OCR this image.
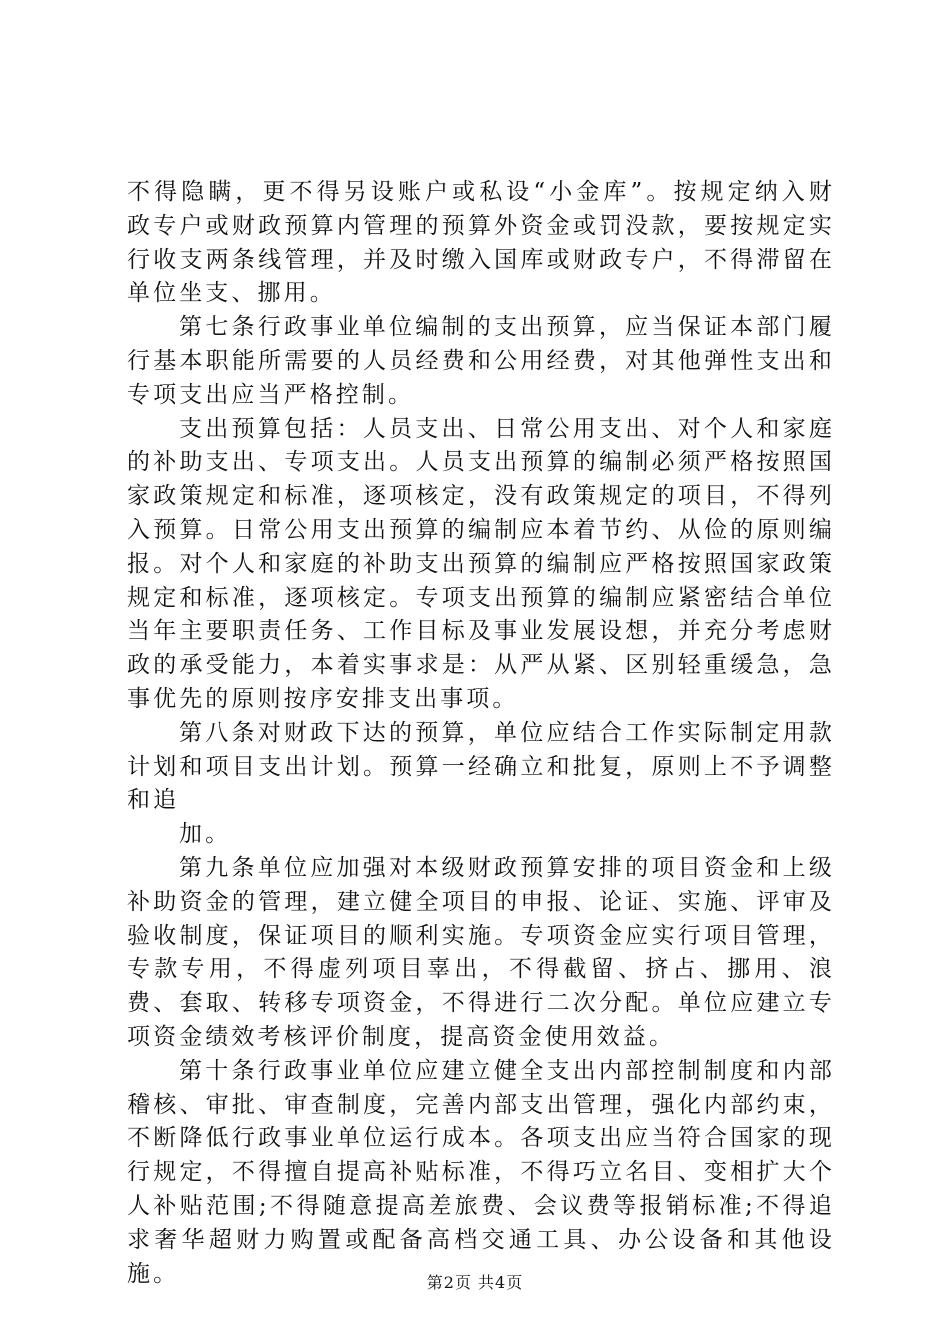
不得隐瞒，更不得另设账户或私设“小金库”。按规定纳入财政专户或财政预算内管理的预算外资金或罚没款，要按规定实行收支两条线管理，并及时缴入国库或财政专户，不得滞留在单位坐支、挪用。

第七条行政事业单位编制的支出预算，应当保证本部门履行基本职能所需要的人员经费和公用经费，对其他弹性支出和专项支出应当严格控制。

支出预算包括：人员支出、日常公用支出、对个人和家庭的补助支出、专项支出。人员支出预算的编制必须严格按照国家政策规定和标准，逐项核定，没有政策规定的项目，不得列入预算。日常公用支出预算的编制应本着节约、从俭的原则编报。对个人和家庭的补助支出预算的编制应严格按照国家政策规定和标准，逐项核定。专项支出预算的编制应紧密结合单位当年主要职责任务、工作目标及事业发展设想，并充分考虑财政的承受能力，本着实事求是：从严从紧、区别轻重缓急，急事优先的原则按序安排支出事项。

第八条对财政下达的预算，单位应结合工作实际制定用款计划和项目支出计划。预算一经确立和批复，原则上不予调整和追

加。

第九条单位应加强对本级财政预算安排的项目资金和上级补助资金的管理，建立健全项目的申报、论证、实施、评审及验收制度，保证项目的顺利实施。专项资金应实行项目管理，专款专用，不得虚列项目辜出，不得截留、挤占、挪用、浪费、套取、转移专项资金，不得进行二次分配。单位应建立专项资金绩效考核评价制度，提高资金使用效益。

第十条行政事业单位应建立健全支出内部控制制度和内部稽核、审批、审查制度，完善内部支出管理，强化内部约束，不断降低行政事业单位运行成本。各项支出应当符合国家的现行规定，不得擅自提高补贴标准，不得巧立名目、变相扩大个人补贴范围;不得随意提高差旅费、会议费等报销标准;不得追求奢华超财力购置或配备高档交通工具、办公设备和其他设施。	第2页 共4页
